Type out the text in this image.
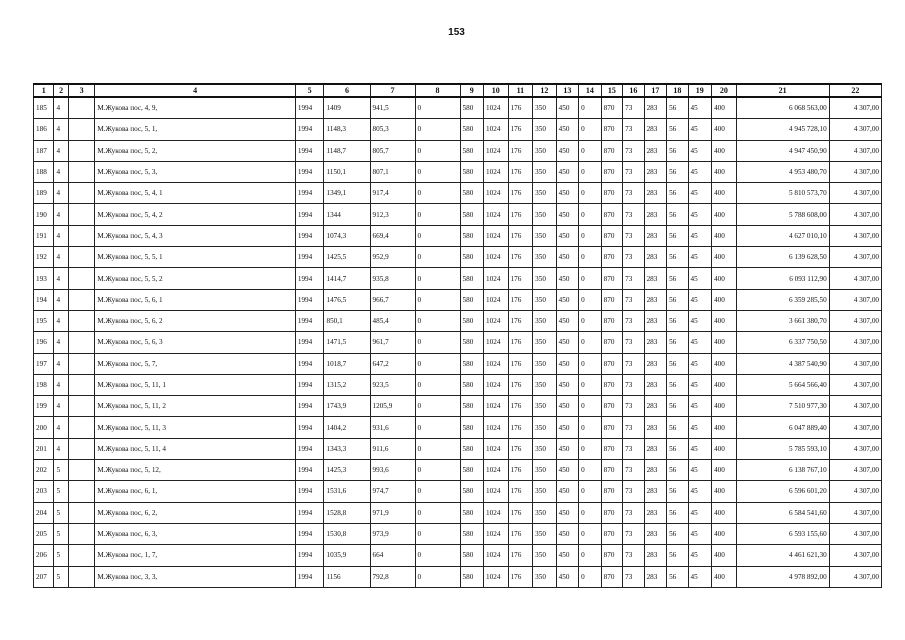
153
1	2	3	4	5	6	7	8	9	10	11	12	13	14	15	16	17	18	19	20	21	22
185	4		М.Жукова пос, 4, 9,	1994	1409	941,5	0	580	1024	176	350	450	0	870	73	283	56	45	400	6 068 563,00	4 307,00
186	4		М.Жукова пос, 5, 1,	1994	1148,3	805,3	0	580	1024	176	350	450	0	870	73	283	56	45	400	4 945 728,10	4 307,00
187	4		М.Жукова пос, 5, 2,	1994	1148,7	805,7	0	580	1024	176	350	450	0	870	73	283	56	45	400	4 947 450,90	4 307,00
188	4		М.Жукова пос, 5, 3,	1994	1150,1	807,1	0	580	1024	176	350	450	0	870	73	283	56	45	400	4 953 480,70	4 307,00
189	4		М.Жукова пос, 5, 4, 1	1994	1349,1	917,4	0	580	1024	176	350	450	0	870	73	283	56	45	400	5 810 573,70	4 307,00
190	4		М.Жукова пос, 5, 4, 2	1994	1344	912,3	0	580	1024	176	350	450	0	870	73	283	56	45	400	5 788 608,00	4 307,00
191	4		М.Жукова пос, 5, 4, 3	1994	1074,3	669,4	0	580	1024	176	350	450	0	870	73	283	56	45	400	4 627 010,10	4 307,00
192	4		М.Жукова пос, 5, 5, 1	1994	1425,5	952,9	0	580	1024	176	350	450	0	870	73	283	56	45	400	6 139 628,50	4 307,00
193	4		М.Жукова пос, 5, 5, 2	1994	1414,7	935,8	0	580	1024	176	350	450	0	870	73	283	56	45	400	6 093 112,90	4 307,00
194	4		М.Жукова пос, 5, 6, 1	1994	1476,5	966,7	0	580	1024	176	350	450	0	870	73	283	56	45	400	6 359 285,50	4 307,00
195	4		М.Жукова пос, 5, 6, 2	1994	850,1	485,4	0	580	1024	176	350	450	0	870	73	283	56	45	400	3 661 380,70	4 307,00
196	4		М.Жукова пос, 5, 6, 3	1994	1471,5	961,7	0	580	1024	176	350	450	0	870	73	283	56	45	400	6 337 750,50	4 307,00
197	4		М.Жукова пос, 5, 7,	1994	1018,7	647,2	0	580	1024	176	350	450	0	870	73	283	56	45	400	4 387 540,90	4 307,00
198	4		М.Жукова пос, 5, 11, 1	1994	1315,2	923,5	0	580	1024	176	350	450	0	870	73	283	56	45	400	5 664 566,40	4 307,00
199	4		М.Жукова пос, 5, 11, 2	1994	1743,9	1205,9	0	580	1024	176	350	450	0	870	73	283	56	45	400	7 510 977,30	4 307,00
200	4		М.Жукова пос, 5, 11, 3	1994	1404,2	931,6	0	580	1024	176	350	450	0	870	73	283	56	45	400	6 047 889,40	4 307,00
201	4		М.Жукова пос, 5, 11, 4	1994	1343,3	911,6	0	580	1024	176	350	450	0	870	73	283	56	45	400	5 785 593,10	4 307,00
202	5		М.Жукова пос, 5, 12,	1994	1425,3	993,6	0	580	1024	176	350	450	0	870	73	283	56	45	400	6 138 767,10	4 307,00
203	5		М.Жукова пос, 6, 1,	1994	1531,6	974,7	0	580	1024	176	350	450	0	870	73	283	56	45	400	6 596 601,20	4 307,00
204	5		М.Жукова пос, 6, 2,	1994	1528,8	971,9	0	580	1024	176	350	450	0	870	73	283	56	45	400	6 584 541,60	4 307,00
205	5		М.Жукова пос, 6, 3,	1994	1530,8	973,9	0	580	1024	176	350	450	0	870	73	283	56	45	400	6 593 155,60	4 307,00
206	5		М.Жукова пос, 1, 7,	1994	1035,9	664	0	580	1024	176	350	450	0	870	73	283	56	45	400	4 461 621,30	4 307,00
207	5		М.Жукова пос, 3, 3,	1994	1156	792,8	0	580	1024	176	350	450	0	870	73	283	56	45	400	4 978 892,00	4 307,00
